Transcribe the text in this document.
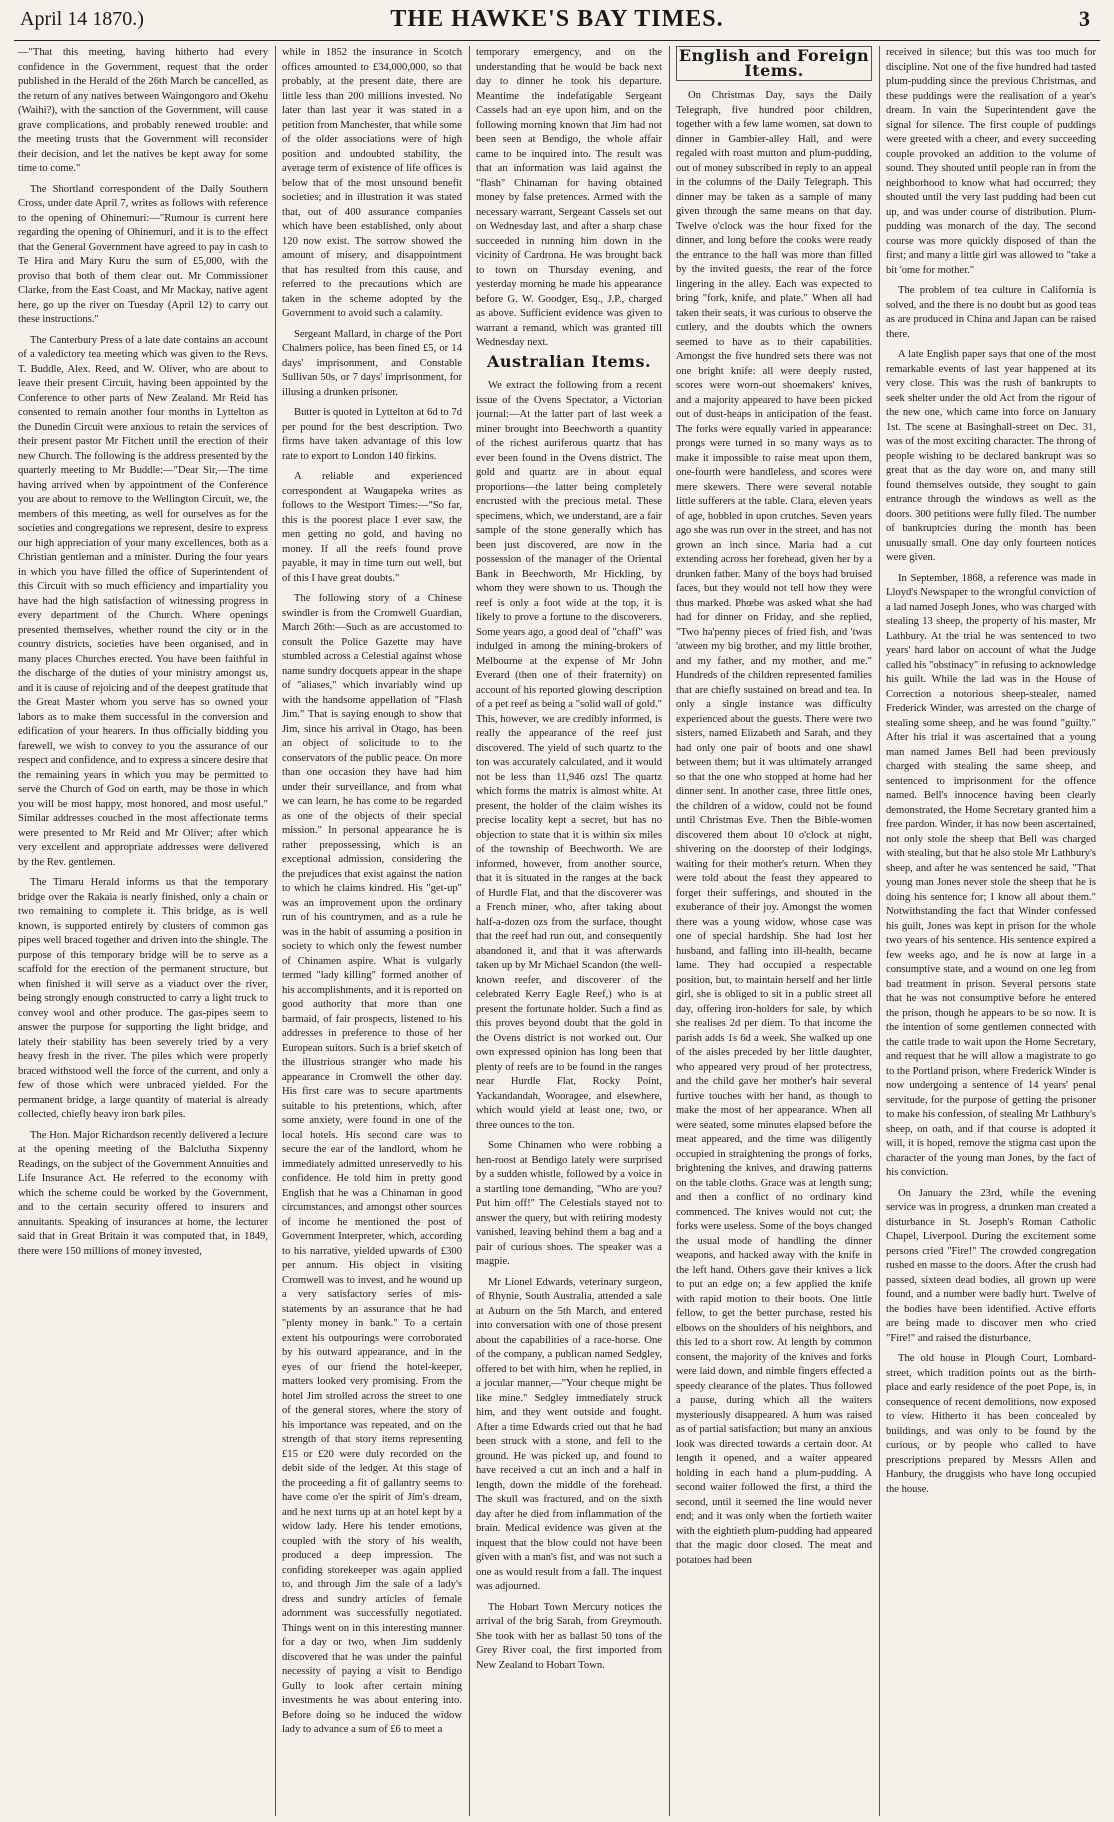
April 14 1870.)	THE HAWKE'S BAY TIMES.	3

—"That this meeting, having hitherto had every confidence in the Government, request that the order published in the Herald of the 26th March be cancelled, as the return of any natives between Waingongoro and Okehu (Waihi?), with the sanction of the Government, will cause grave complications, and probably renewed trouble: and the meeting trusts that the Government will reconsider their decision, and let the natives be kept away for some time to come."

The Shortland correspondent of the Daily Southern Cross, under date April 7, writes as follows with reference to the opening of Ohinemuri:—"Rumour is current here regarding the opening of Ohinemuri, and it is to the effect that the General Government have agreed to pay in cash to Te Hira and Mary Kuru the sum of £5,000, with the proviso that both of them clear out. Mr Commissioner Clarke, from the East Coast, and Mr Mackay, native agent here, go up the river on Tuesday (April 12) to carry out these instructions."

The Canterbury Press of a late date contains an account of a valedictory tea meeting which was given to the Revs. T. Buddle, Alex. Reed, and W. Oliver, who are about to leave their present Circuit, having been appointed by the Conference to other parts of New Zealand. Mr Reid has consented to remain another four months in Lyttelton as the Dunedin Circuit were anxious to retain the services of their present pastor Mr Fitchett until the erection of their new Church. The following is the address presented by the quarterly meeting to Mr Buddle:—"Dear Sir,—The time having arrived when by appointment of the Conference you are about to remove to the Wellington Circuit, we, the members of this meeting, as well for ourselves as for the societies and congregations we represent, desire to express our high appreciation of your many excellences, both as a Christian gentleman and a minister. During the four years in which you have filled the office of Superintendent of this Circuit with so much efficiency and impartiality you have had the high satisfaction of witnessing progress in every department of the Church. Where openings presented themselves, whether round the city or in the country districts, societies have been organised, and in many places Churches erected. You have been faithful in the discharge of the duties of your ministry amongst us, and it is cause of rejoicing and of the deepest gratitude that the Great Master whom you serve has so owned your labors as to make them successful in the conversion and edification of your hearers. In thus officially bidding you farewell, we wish to convey to you the assurance of our respect and confidence, and to express a sincere desire that the remaining years in which you may be permitted to serve the Church of God on earth, may be those in which you will be most happy, most honored, and most useful." Similar addresses couched in the most affectionate terms were presented to Mr Reid and Mr Oliver; after which very excellent and appropriate addresses were delivered by the Rev. gentlemen.

The Timaru Herald informs us that the temporary bridge over the Rakaia is nearly finished, only a chain or two remaining to complete it. This bridge, as is well known, is supported entirely by clusters of common gas pipes well braced together and driven into the shingle. The purpose of this temporary bridge will be to serve as a scaffold for the erection of the permanent structure, but when finished it will serve as a viaduct over the river, being strongly enough constructed to carry a light truck to convey wool and other produce. The gas-pipes seem to answer the purpose for supporting the light bridge, and lately their stability has been severely tried by a very heavy fresh in the river. The piles which were properly braced withstood well the force of the current, and only a few of those which were unbraced yielded. For the permanent bridge, a large quantity of material is already collected, chiefly heavy iron bark piles.

The Hon. Major Richardson recently delivered a lecture at the opening meeting of the Balclutha Sixpenny Readings, on the subject of the Government Annuities and Life Insurance Act. He referred to the economy with which the scheme could be worked by the Government, and to the certain security offered to insurers and annuitants. Speaking of insurances at home, the lecturer said that in Great Britain it was computed that, in 1849, there were 150 millions of money invested,

while in 1852 the insurance in Scotch offices amounted to £34,000,000, so that probably, at the present date, there are little less than 200 millions invested. No later than last year it was stated in a petition from Manchester, that while some of the older associations were of high position and undoubted stability, the average term of existence of life offices is below that of the most unsound benefit societies; and in illustration it was stated that, out of 400 assurance companies which have been established, only about 120 now exist. The sorrow showed the amount of misery, and disappointment that has resulted from this cause, and referred to the precautions which are taken in the scheme adopted by the Government to avoid such a calamity.

Sergeant Mallard, in charge of the Port Chalmers police, has been fined £5, or 14 days' imprisonment, and Constable Sullivan 50s, or 7 days' imprisonment, for illusing a drunken prisoner.

Butter is quoted in Lyttelton at 6d to 7d per pound for the best description. Two firms have taken advantage of this low rate to export to London 140 firkins.

A reliable and experienced correspondent at Waugapeka writes as follows to the Westport Times:—"So far, this is the poorest place I ever saw, the men getting no gold, and having no money. If all the reefs found prove payable, it may in time turn out well, but of this I have great doubts."

The following story of a Chinese swindler is from the Cromwell Guardian, March 26th:—Such as are accustomed to consult the Police Gazette may have stumbled across a Celestial against whose name sundry docquets appear in the shape of "aliases," which invariably wind up with the handsome appellation of "Flash Jim." That is saying enough to show that Jim, since his arrival in Otago, has been an object of solicitude to to the conservators of the public peace. On more than one occasion they have had him under their surveillance, and from what we can learn, he has come to be regarded as one of the objects of their special mission." In personal appearance he is rather prepossessing, which is an exceptional admission, considering the the prejudices that exist against the nation to which he claims kindred. His "get-up" was an improvement upon the ordinary run of his countrymen, and as a rule he was in the habit of assuming a position in society to which only the fewest number of Chinamen aspire. What is vulgarly termed "lady killing" formed another of his accomplishments, and it is reported on good authority that more than one barmaid, of fair prospects, listened to his addresses in preference to those of her European suitors. Such is a brief sketch of the illustrious stranger who made his appearance in Cromwell the other day. His first care was to secure apartments suitable to his pretentions, which, after some anxiety, were found in one of the local hotels. His second care was to secure the ear of the landlord, whom he immediately admitted unreservedly to his confidence. He told him in pretty good English that he was a Chinaman in good circumstances, and amongst other sources of income he mentioned the post of Government Interpreter, which, according to his narrative, yielded upwards of £300 per annum. His object in visiting Cromwell was to invest, and he wound up a very satisfactory series of mis-statements by an assurance that he had "plenty money in bank." To a certain extent his outpourings were corroborated by his outward appearance, and in the eyes of our friend the hotel-keeper, matters looked very promising. From the hotel Jim strolled across the street to one of the general stores, where the story of his importance was repeated, and on the strength of that story items representing £15 or £20 were duly recorded on the debit side of the ledger. At this stage of the proceeding a fit of gallantry seems to have come o'er the spirit of Jim's dream, and he next turns up at an hotel kept by a widow lady. Here his tender emotions, coupled with the story of his wealth, produced a deep impression. The confiding storekeeper was again applied to, and through Jim the sale of a lady's dress and sundry articles of female adornment was successfully negotiated. Things went on in this interesting manner for a day or two, when Jim suddenly discovered that he was under the painful necessity of paying a visit to Bendigo Gully to look after certain mining investments he was about entering into. Before doing so he induced the widow lady to advance a sum of £6 to meet a

temporary emergency, and on the understanding that he would be back next day to dinner he took his departure. Meantime the indefatigable Sergeant Cassels had an eye upon him, and on the following morning known that Jim had not been seen at Bendigo, the whole affair came to be inquired into. The result was that an information was laid against the "flash" Chinaman for having obtained money by false pretences. Armed with the necessary warrant, Sergeant Cassels set out on Wednesday last, and after a sharp chase succeeded in running him down in the vicinity of Cardrona. He was brought back to town on Thursday evening, and yesterday morning he made his appearance before G. W. Goodger, Esq., J.P., charged as above. Sufficient evidence was given to warrant a remand, which was granted till Wednesday next.

Australian Items.

We extract the following from a recent issue of the Ovens Spectator, a Victorian journal:—At the latter part of last week a miner brought into Beechworth a quantity of the richest auriferous quartz that has ever been found in the Ovens district. The gold and quartz are in about equal proportions—the latter being completely encrusted with the precious metal. These specimens, which, we understand, are a fair sample of the stone generally which has been just discovered, are now in the possession of the manager of the Oriental Bank in Beechworth, Mr Hickling, by whom they were shown to us. Though the reef is only a foot wide at the top, it is likely to prove a fortune to the discoverers. Some years ago, a good deal of "chaff" was indulged in among the mining-brokers of Melbourne at the expense of Mr John Everard (then one of their fraternity) on account of his reported glowing description of a pet reef as being a "solid wall of gold." This, however, we are credibly informed, is really the appearance of the reef just discovered. The yield of such quartz to the ton was accurately calculated, and it would not be less than 11,946 ozs! The quartz which forms the matrix is almost white. At present, the holder of the claim wishes its precise locality kept a secret, but has no objection to state that it is within six miles of the township of Beechworth. We are informed, however, from another source, that it is situated in the ranges at the back of Hurdle Flat, and that the discoverer was a French miner, who, after taking about half-a-dozen ozs from the surface, thought that the reef had run out, and consequently abandoned it, and that it was afterwards taken up by Mr Michael Scandon (the well-known reefer, and discoverer of the celebrated Kerry Eagle Reef,) who is at present the fortunate holder. Such a find as this proves beyond doubt that the gold in the Ovens district is not worked out. Our own expressed opinion has long been that plenty of reefs are to be found in the ranges near Hurdle Flat, Rocky Point, Yackandandah, Wooragee, and elsewhere, which would yield at least one, two, or three ounces to the ton.

Some Chinamen who were robbing a hen-roost at Bendigo lately were surprised by a sudden whistle, followed by a voice in a startling tone demanding, "Who are you? Put him off!" The Celestials stayed not to answer the query, but with retiring modesty vanished, leaving behind them a bag and a pair of curious shoes. The speaker was a magpie.

Mr Lionel Edwards, veterinary surgeon, of Rhynie, South Australia, attended a sale at Auburn on the 5th March, and entered into conversation with one of those present about the capabilities of a race-horse. One of the company, a publican named Sedgley, offered to bet with him, when he replied, in a jocular manner,—"Your cheque might be like mine." Sedgley immediately struck him, and they went outside and fought. After a time Edwards cried out that he had been struck with a stone, and fell to the ground. He was picked up, and found to have received a cut an inch and a half in length, down the middle of the forehead. The skull was fractured, and on the sixth day after he died from inflammation of the brain. Medical evidence was given at the inquest that the blow could not have been given with a man's fist, and was not such a one as would result from a fall. The inquest was adjourned.

The Hobart Town Mercury notices the arrival of the brig Sarah, from Greymouth. She took with her as ballast 50 tons of the Grey River coal, the first imported from New Zealand to Hobart Town.

English and Foreign Items.

On Christmas Day, says the Daily Telegraph, five hundred poor children, together with a few lame women, sat down to dinner in Gambier-alley Hall, and were regaled with roast mutton and plum-pudding, out of money subscribed in reply to an appeal in the columns of the Daily Telegraph. This dinner may be taken as a sample of many given through the same means on that day. Twelve o'clock was the hour fixed for the dinner, and long before the cooks were ready the entrance to the hall was more than filled by the invited guests, the rear of the force lingering in the alley. Each was expected to bring "fork, knife, and plate." When all had taken their seats, it was curious to observe the cutlery, and the doubts which the owners seemed to have as to their capabilities. Amongst the five hundred sets there was not one bright knife: all were deeply rusted, scores were worn-out shoemakers' knives, and a majority appeared to have been picked out of dust-heaps in anticipation of the feast. The forks were equally varied in appearance: prongs were turned in so many ways as to make it impossible to raise meat upon them, one-fourth were handleless, and scores were mere skewers. There were several notable little sufferers at the table. Clara, eleven years of age, hobbled in upon crutches. Seven years ago she was run over in the street, and has not grown an inch since. Maria had a cut extending across her forehead, given her by a drunken father. Many of the boys had bruised faces, but they would not tell how they were thus marked. Phœbe was asked what she had had for dinner on Friday, and she replied, "Two ha'penny pieces of fried fish, and 'twas 'atween my big brother, and my little brother, and my father, and my mother, and me." Hundreds of the children represented families that are chiefly sustained on bread and tea. In only a single instance was difficulty experienced about the guests. There were two sisters, named Elizabeth and Sarah, and they had only one pair of boots and one shawl between them; but it was ultimately arranged so that the one who stopped at home had her dinner sent. In another case, three little ones, the children of a widow, could not be found until Christmas Eve. Then the Bible-women discovered them about 10 o'clock at night, shivering on the doorstep of their lodgings, waiting for their mother's return. When they were told about the feast they appeared to forget their sufferings, and shouted in the exuberance of their joy. Amongst the women there was a young widow, whose case was one of special hardship. She had lost her husband, and falling into ill-health, became lame. They had occupied a respectable position, but, to maintain herself and her little girl, she is obliged to sit in a public street all day, offering iron-holders for sale, by which she realises 2d per diem. To that income the parish adds 1s 6d a week. She walked up one of the aisles preceded by her little daughter, who appeared very proud of her protectress, and the child gave her mother's hair several furtive touches with her hand, as though to make the most of her appearance. When all were seated, some minutes elapsed before the meat appeared, and the time was diligently occupied in straightening the prongs of forks, brightening the knives, and drawing patterns on the table cloths. Grace was at length sung; and then a conflict of no ordinary kind commenced. The knives would not cut; the forks were useless. Some of the boys changed the usual mode of handling the dinner weapons, and hacked away with the knife in the left hand. Others gave their knives a lick to put an edge on; a few applied the knife with rapid motion to their boots. One little fellow, to get the better purchase, rested his elbows on the shoulders of his neighbors, and this led to a short row. At length by common consent, the majority of the knives and forks were laid down, and nimble fingers effected a speedy clearance of the plates. Thus followed a pause, during which all the waiters mysteriously disappeared. A hum was raised as of partial satisfaction; but many an anxious look was directed towards a certain door. At length it opened, and a waiter appeared holding in each hand a plum-pudding. A second waiter followed the first, a third the second, until it seemed the line would never end; and it was only when the fortieth waiter with the eightieth plum-pudding had appeared that the magic door closed. The meat and potatoes had been

received in silence; but this was too much for discipline. Not one of the five hundred had tasted plum-pudding since the previous Christmas, and these puddings were the realisation of a year's dream. In vain the Superintendent gave the signal for silence. The first couple of puddings were greeted with a cheer, and every succeeding couple provoked an addition to the volume of sound. They shouted until people ran in from the neighborhood to know what had occurred; they shouted until the very last pudding had been cut up, and was under course of distribution. Plum-pudding was monarch of the day. The second course was more quickly disposed of than the first; and many a little girl was allowed to "take a bit 'ome for mother."

The problem of tea culture in California is solved, and the there is no doubt but as good teas as are produced in China and Japan can be raised there.

A late English paper says that one of the most remarkable events of last year happened at its very close. This was the rush of bankrupts to seek shelter under the old Act from the rigour of the new one, which came into force on January 1st. The scene at Basinghall-street on Dec. 31, was of the most exciting character. The throng of people wishing to be declared bankrupt was so great that as the day wore on, and many still found themselves outside, they sought to gain entrance through the windows as well as the doors. 300 petitions were fully filed. The number of bankruptcies during the month has been unusually small. One day only fourteen notices were given.

In September, 1868, a reference was made in Lloyd's Newspaper to the wrongful conviction of a lad named Joseph Jones, who was charged with stealing 13 sheep, the property of his master, Mr Lathbury. At the trial he was sentenced to two years' hard labor on account of what the Judge called his "obstinacy" in refusing to acknowledge his guilt. While the lad was in the House of Correction a notorious sheep-stealer, named Frederick Winder, was arrested on the charge of stealing some sheep, and he was found "guilty." After his trial it was ascertained that a young man named James Bell had been previously charged with stealing the same sheep, and sentenced to imprisonment for the offence named. Bell's innocence having been clearly demonstrated, the Home Secretary granted him a free pardon. Winder, it has now been ascertained, not only stole the sheep that Bell was charged with stealing, but that he also stole Mr Lathbury's sheep, and after he was sentenced he said, "That young man Jones never stole the sheep that he is doing his sentence for; I know all about them." Notwithstanding the fact that Winder confessed his guilt, Jones was kept in prison for the whole two years of his sentence. His sentence expired a few weeks ago, and he is now at large in a consumptive state, and a wound on one leg from bad treatment in prison. Several persons state that he was not consumptive before he entered the prison, though he appears to be so now. It is the intention of some gentlemen connected with the cattle trade to wait upon the Home Secretary, and request that he will allow a magistrate to go to the Portland prison, where Frederick Winder is now undergoing a sentence of 14 years' penal servitude, for the purpose of getting the prisoner to make his confession, of stealing Mr Lathbury's sheep, on oath, and if that course is adopted it will, it is hoped, remove the stigma cast upon the character of the young man Jones, by the fact of his conviction.

On January the 23rd, while the evening service was in progress, a drunken man created a disturbance in St. Joseph's Roman Catholic Chapel, Liverpool. During the excitement some persons cried "Fire!" The crowded congregation rushed en masse to the doors. After the crush had passed, sixteen dead bodies, all grown up were found, and a number were badly hurt. Twelve of the bodies have been identified. Active efforts are being made to discover men who cried "Fire!" and raised the disturbance.

The old house in Plough Court, Lombard-street, which tradition points out as the birth-place and early residence of the poet Pope, is, in consequence of recent demolitions, now exposed to view. Hitherto it has been concealed by buildings, and was only to be found by the curious, or by people who called to have prescriptions prepared by Messrs Allen and Hanbury, the druggists who have long occupied the house.
